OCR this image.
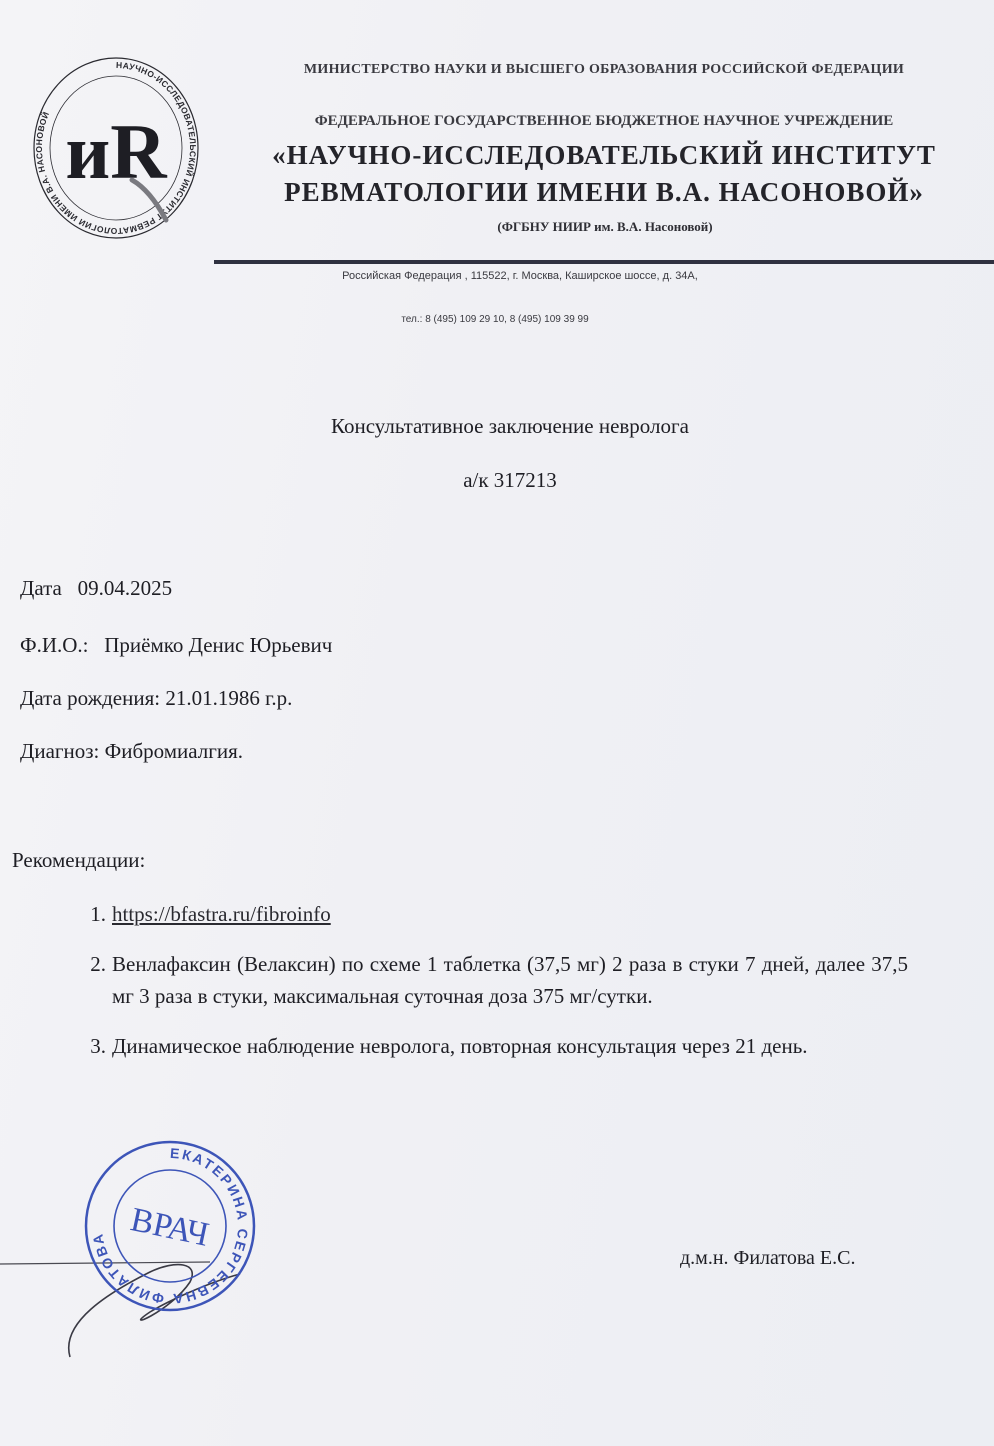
НАУЧНО-ИССЛЕДОВАТЕЛЬСКИЙ ИНСТИТУТ РЕВМАТОЛОГИИ ИМЕНИ В.А. НАСОНОВОЙ иR
МИНИСТЕРСТВО НАУКИ И ВЫСШЕГО ОБРАЗОВАНИЯ РОССИЙСКОЙ ФЕДЕРАЦИИ
ФЕДЕРАЛЬНОЕ ГОСУДАРСТВЕННОЕ БЮДЖЕТНОЕ НАУЧНОЕ УЧРЕЖДЕНИЕ
«НАУЧНО-ИССЛЕДОВАТЕЛЬСКИЙ ИНСТИТУТ
РЕВМАТОЛОГИИ ИМЕНИ В.А. НАСОНОВОЙ»
(ФГБНУ НИИР им. В.А. Насоновой)
Российская Федерация , 115522, г. Москва, Каширское шоссе, д. 34А,
тел.: 8 (495) 109 29 10, 8 (495) 109 39 99
Консультативное заключение невролога
а/к 317213
Дата   09.04.2025
Ф.И.О.:   Приёмко Денис Юрьевич
Дата рождения: 21.01.1986 г.р.
Диагноз: Фибромиалгия.
Рекомендации:
1. https://bfastra.ru/fibroinfo
2. Венлафаксин (Велаксин) по схеме 1 таблетка (37,5 мг) 2 раза в стуки 7 дней, далее 37,5 мг 3 раза в стуки, максимальная суточная доза 375 мг/сутки.
3. Динамическое наблюдение невролога, повторная консультация через 21 день.
ЕКАТЕРИНА СЕРГЕЕВНА ФИЛАТОВА ВРАЧ
д.м.н. Филатова Е.С.
